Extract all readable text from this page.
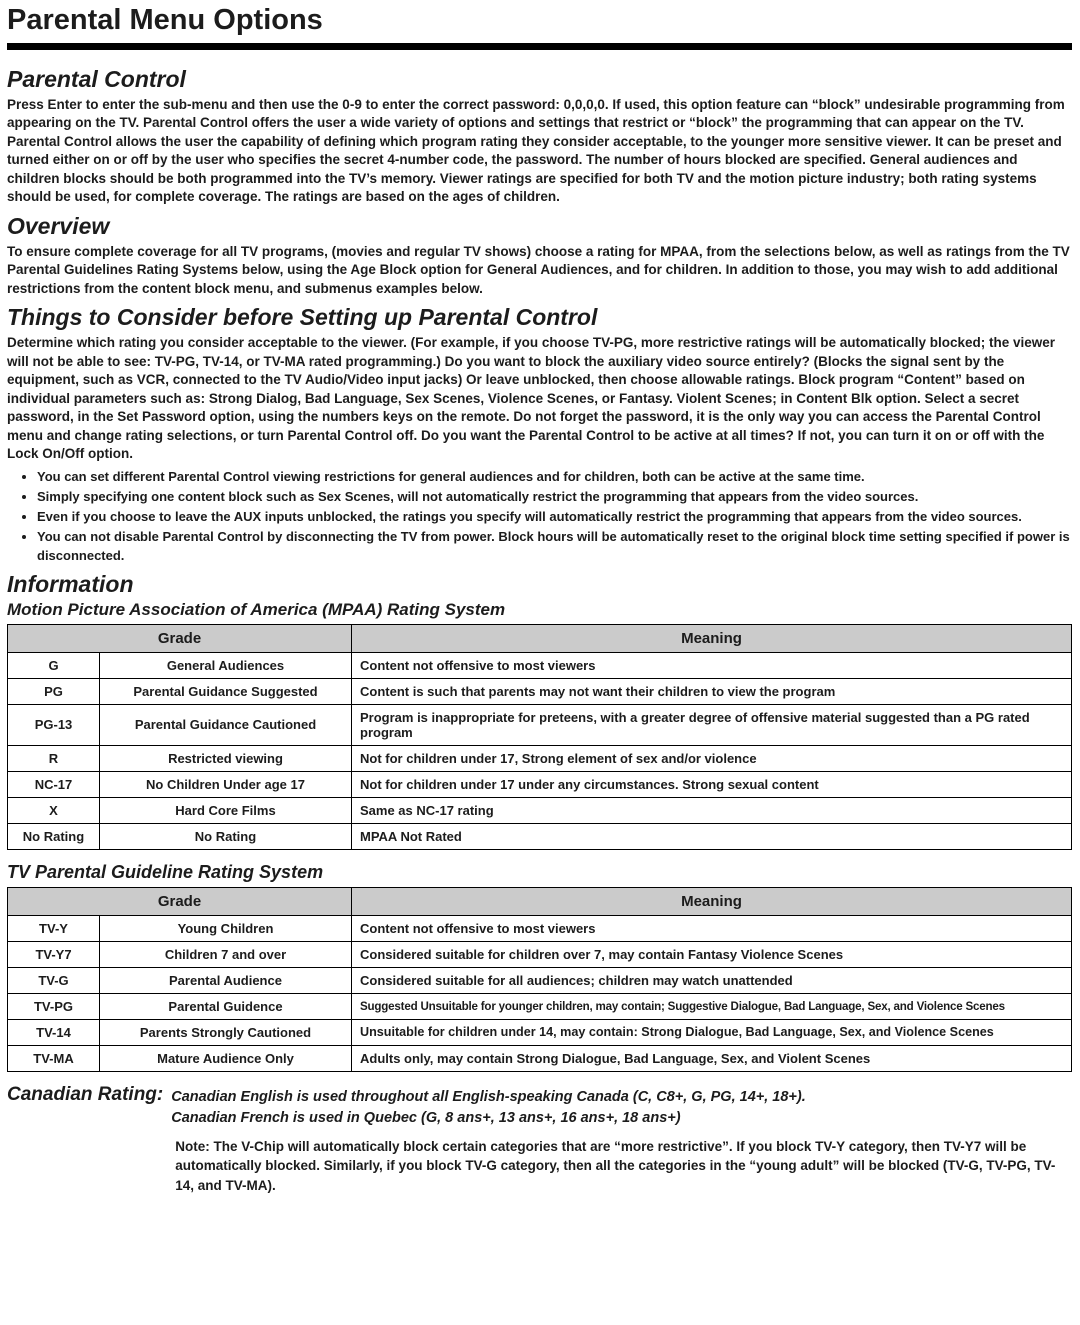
Parental Menu Options
Parental Control

Press Enter to enter the sub-menu and then use the 0-9 to enter the correct password: 0,0,0,0. If used, this option feature can “block” undesirable programming from appearing on the TV. Parental Control offers the user a wide variety of options and settings that restrict or “block” the programming that can appear on the TV. Parental Control allows the user the capability of defining which program rating they consider acceptable, to the younger more sensitive viewer. It can be preset and turned either on or off by the user who specifies the secret 4-number code, the password. The number of hours blocked are specified. General audiences and children blocks should be both programmed into the TV’s memory. Viewer ratings are specified for both TV and the motion picture industry; both rating systems should be used, for complete coverage. The ratings are based on the ages of children.

Overview

To ensure complete coverage for all TV programs, (movies and regular TV shows) choose a rating for MPAA, from the selections below, as well as ratings from the TV Parental Guidelines Rating Systems below, using the Age Block option for General Audiences, and for children. In addition to those, you may wish to add additional restrictions from the content block menu, and submenus examples below.

Things to Consider before Setting up Parental Control

Determine which rating you consider acceptable to the viewer. (For example, if you choose TV-PG, more restrictive ratings will be automatically blocked; the viewer will not be able to see: TV-PG, TV-14, or TV-MA rated programming.) Do you want to block the auxiliary video source entirely? (Blocks the signal sent by the equipment, such as VCR, connected to the TV Audio/Video input jacks) Or leave unblocked, then choose allowable ratings. Block program “Content” based on individual parameters such as: Strong Dialog, Bad Language, Sex Scenes, Violence Scenes, or Fantasy. Violent Scenes; in Content Blk option. Select a secret password, in the Set Password option, using the numbers keys on the remote. Do not forget the password, it is the only way you can access the Parental Control menu and change rating selections, or turn Parental Control off. Do you want the Parental Control to be active at all times? If not, you can turn it on or off with the Lock On/Off option.

• You can set different Parental Control viewing restrictions for general audiences and for children, both can be active at the same time.
• Simply specifying one content block such as Sex Scenes, will not automatically restrict the programming that appears from the video sources.
• Even if you choose to leave the AUX inputs unblocked, the ratings you specify will automatically restrict the programming that appears from the video sources.
• You can not disable Parental Control by disconnecting the TV from power. Block hours will be automatically reset to the original block time setting specified if power is disconnected.
Information
Motion Picture Association of America (MPAA) Rating System
Grade		Meaning
G	General Audiences	Content not offensive to most viewers
PG	Parental Guidance Suggested	Content is such that parents may not want their children to view the program
PG-13	Parental Guidance Cautioned	Program is inappropriate for preteens, with a greater degree of offensive material suggested than a PG rated program
R	Restricted viewing	Not for children under 17, Strong element of sex and/or violence
NC-17	No Children Under age 17	Not for children under 17 under any circumstances. Strong sexual content
X	Hard Core Films	Same as NC-17 rating
No Rating	No Rating	MPAA Not Rated
TV Parental Guideline Rating System
Grade		Meaning
TV-Y	Young Children	Content not offensive to most viewers
TV-Y7	Children 7 and over	Considered suitable for children over 7, may contain Fantasy Violence Scenes
TV-G	Parental Audience	Considered suitable for all audiences; children may watch unattended
TV-PG	Parental Guidence	Suggested Unsuitable for younger children, may contain; Suggestive Dialogue, Bad Language, Sex, and Violence Scenes
TV-14	Parents Strongly Cautioned	Unsuitable for children under 14, may contain: Strong Dialogue, Bad Language, Sex, and Violence Scenes
TV-MA	Mature Audience Only	Adults only, may contain Strong Dialogue, Bad Language, Sex, and Violent Scenes
Canadian Rating: Canadian English is used throughout all English-speaking Canada (C, C8+, G, PG, 14+, 18+).
Canadian French is used in Quebec (G, 8 ans+, 13 ans+, 16 ans+, 18 ans+)

Note: The V-Chip will automatically block certain categories that are “more restrictive”. If you block TV-Y category, then TV-Y7 will be automatically blocked. Similarly, if you block TV-G category, then all the categories in the “young adult” will be blocked (TV-G, TV-PG, TV-14, and TV-MA).
